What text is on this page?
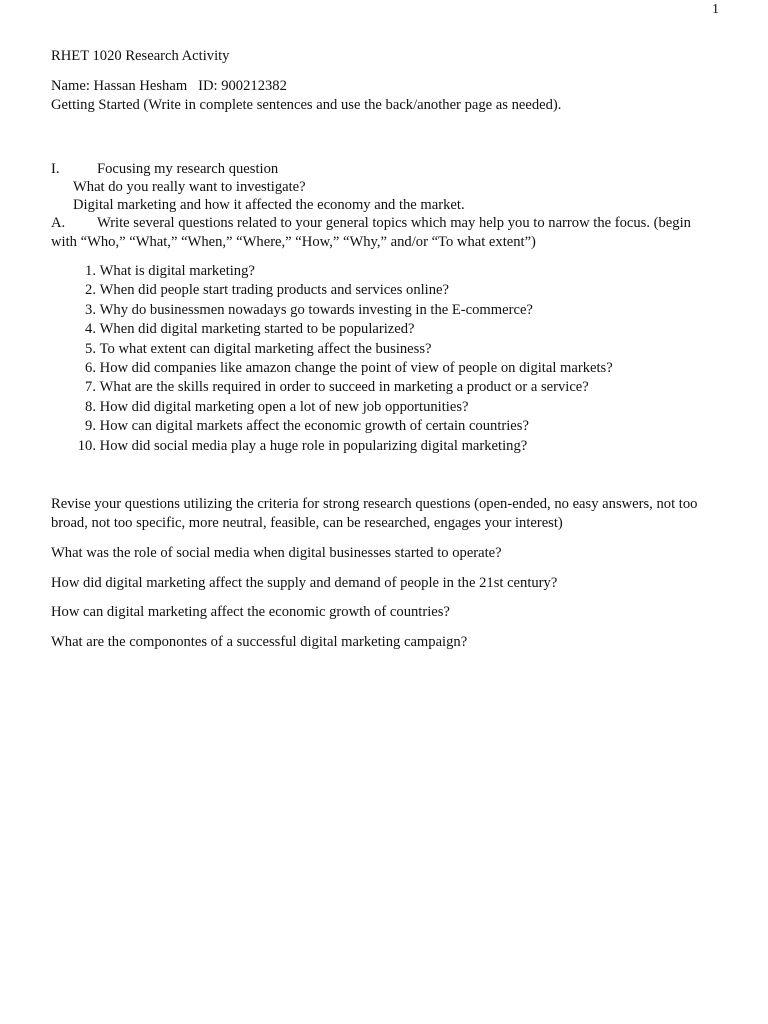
1
RHET 1020 Research Activity
Name: Hassan Hesham   ID: 900212382
Getting Started (Write in complete sentences and use the back/another page as needed).
I.	Focusing my research question
What do you really want to investigate?
Digital marketing and how it affected the economy and the market.
A. Write several questions related to your general topics which may help you to narrow the focus. (begin
with “Who,” “What,” “When,” “Where,” “How,” “Why,” and/or “To what extent”)
1. What is digital marketing?
2. When did people start trading products and services online?
3. Why do businessmen nowadays go towards investing in the E-commerce?
4. When did digital marketing started to be popularized?
5. To what extent can digital marketing affect the business?
6. How did companies like amazon change the point of view of people on digital markets?
7. What are the skills required in order to succeed in marketing a product or a service?
8. How did digital marketing open a lot of new job opportunities?
9. How can digital markets affect the economic growth of certain countries?
10. How did social media play a huge role in popularizing digital marketing?
Revise your questions utilizing the criteria for strong research questions (open-ended, no easy answers, not too broad, not too specific, more neutral, feasible, can be researched, engages your interest)
What was the role of social media when digital businesses started to operate?
How did digital marketing affect the supply and demand of people in the 21st century?
How can digital marketing affect the economic growth of countries?
What are the componontes of a successful digital marketing campaign?
